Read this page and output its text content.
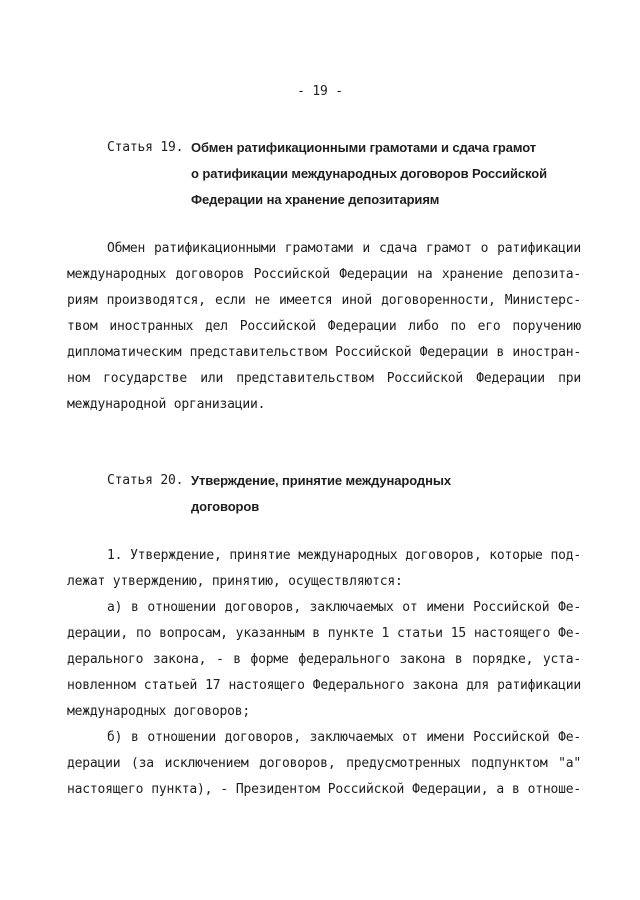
- 19 -
Статья 19. Обмен ратификационными грамотами и сдача грамот
о ратификации международных договоров Российской
Федерации на хранение депозитариям
Обмен ратификационными грамотами и сдача грамот о ратификации
международных договоров Российской Федерации на хранение депозита-
риям производятся, если не имеется иной договоренности, Министерс-
твом иностранных дел Российской Федерации либо по его поручению
дипломатическим представительством Российской Федерации в иностран-
ном государстве или представительством Российской Федерации при
международной организации.
Статья 20. Утверждение, принятие международных
договоров
1. Утверждение, принятие международных договоров, которые под-
лежат утверждению, принятию, осуществляются:
а) в отношении договоров, заключаемых от имени Российской Фе-
дерации, по вопросам, указанным в пункте 1 статьи 15 настоящего Фе-
дерального закона, - в форме федерального закона в порядке, уста-
новленном статьей 17 настоящего Федерального закона для ратификации
международных договоров;
б) в отношении договоров, заключаемых от имени Российской Фе-
дерации (за исключением договоров, предусмотренных подпунктом "а"
настоящего пункта), - Президентом Российской Федерации, а в отноше-
